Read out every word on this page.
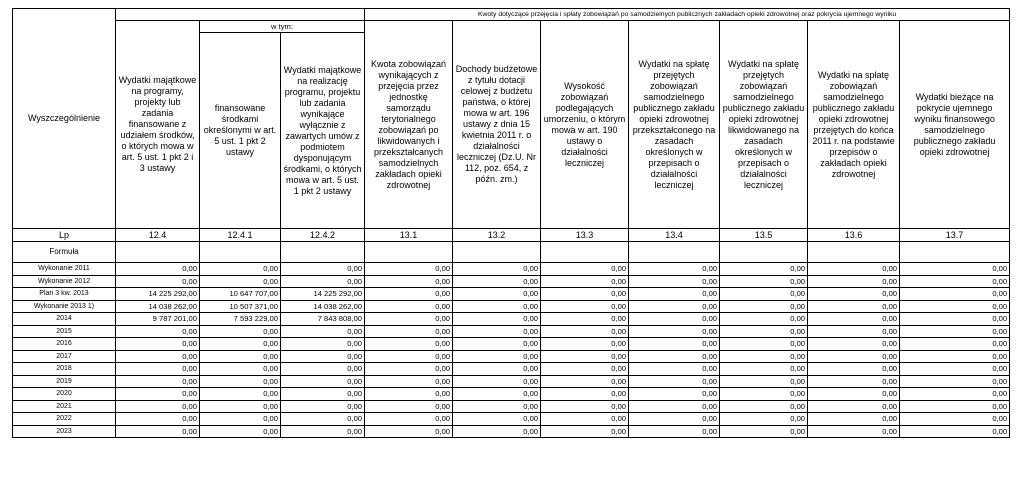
Wyszczególnienie				Kwoty dotyczące przejęcia i spłaty zobowiązań po samodzielnych publicznych zakładach opieki zdrowotnej oraz pokrycia ujemnego wyniku						
	Wydatki majątkowe na programy, projekty lub zadania finansowane z udziałem środków, o których mowa w art. 5 ust. 1 pkt 2 i 3 ustawy	w tym:		Kwota zobowiązań wynikających z przejęcia przez jednostkę samorządu terytorialnego zobowiązań po likwidowanych i przekształcanych samodzielnych zakładach opieki zdrowotnej	Dochody budżetowe z tytułu dotacji celowej z budżetu państwa, o której mowa w art. 196 ustawy z dnia 15 kwietnia 2011 r. o działalności leczniczej (Dz.U. Nr 112, poz. 654, z późn. zm.)	Wysokość zobowiązań podlegających umorzeniu, o którym mowa w art. 190 ustawy o działalności leczniczej	Wydatki na spłatę przejętych zobowiązań samodzielnego publicznego zakładu opieki zdrowotnej przekształconego na zasadach określonych w przepisach o działalności leczniczej	Wydatki na spłatę przejętych zobowiązań samodzielnego publicznego zakładu opieki zdrowotnej likwidowanego na zasadach określonych w przepisach o działalności leczniczej	Wydatki na spłatę zobowiązań samodzielnego publicznego zakładu opieki zdrowotnej przejętych do końca 2011 r. na podstawie przepisów o zakładach opieki zdrowotnej	Wydatki bieżące na pokrycie ujemnego wyniku finansowego samodzielnego publicznego zakładu opieki zdrowotnej
		finansowane środkami określonymi w art. 5 ust. 1 pkt 2 ustawy	Wydatki majątkowe na realizację programu, projektu lub zadania wynikające wyłącznie z zawartych umów z podmiotem dysponującym środkami, o których mowa w art. 5 ust. 1 pkt 2 ustawy							
Lp	12.4	12.4.1	12.4.2	13.1	13.2	13.3	13.4	13.5	13.6	13.7
Formuła										
Wykonanie 2011	0,00	0,00	0,00	0,00	0,00	0,00	0,00	0,00	0,00	0,00
Wykonanie 2012	0,00	0,00	0,00	0,00	0,00	0,00	0,00	0,00	0,00	0,00
Plan 3 kw. 2013	14 225 292,00	10 647 707,00	14 225 292,00	0,00	0,00	0,00	0,00	0,00	0,00	0,00
Wykonanie 2013 1)	14 038 262,00	10 507 371,00	14 038 262,00	0,00	0,00	0,00	0,00	0,00	0,00	0,00
2014	9 787 201,00	7 593 229,00	7 843 808,00	0,00	0,00	0,00	0,00	0,00	0,00	0,00
2015	0,00	0,00	0,00	0,00	0,00	0,00	0,00	0,00	0,00	0,00
2016	0,00	0,00	0,00	0,00	0,00	0,00	0,00	0,00	0,00	0,00
2017	0,00	0,00	0,00	0,00	0,00	0,00	0,00	0,00	0,00	0,00
2018	0,00	0,00	0,00	0,00	0,00	0,00	0,00	0,00	0,00	0,00
2019	0,00	0,00	0,00	0,00	0,00	0,00	0,00	0,00	0,00	0,00
2020	0,00	0,00	0,00	0,00	0,00	0,00	0,00	0,00	0,00	0,00
2021	0,00	0,00	0,00	0,00	0,00	0,00	0,00	0,00	0,00	0,00
2022	0,00	0,00	0,00	0,00	0,00	0,00	0,00	0,00	0,00	0,00
2023	0,00	0,00	0,00	0,00	0,00	0,00	0,00	0,00	0,00	0,00
